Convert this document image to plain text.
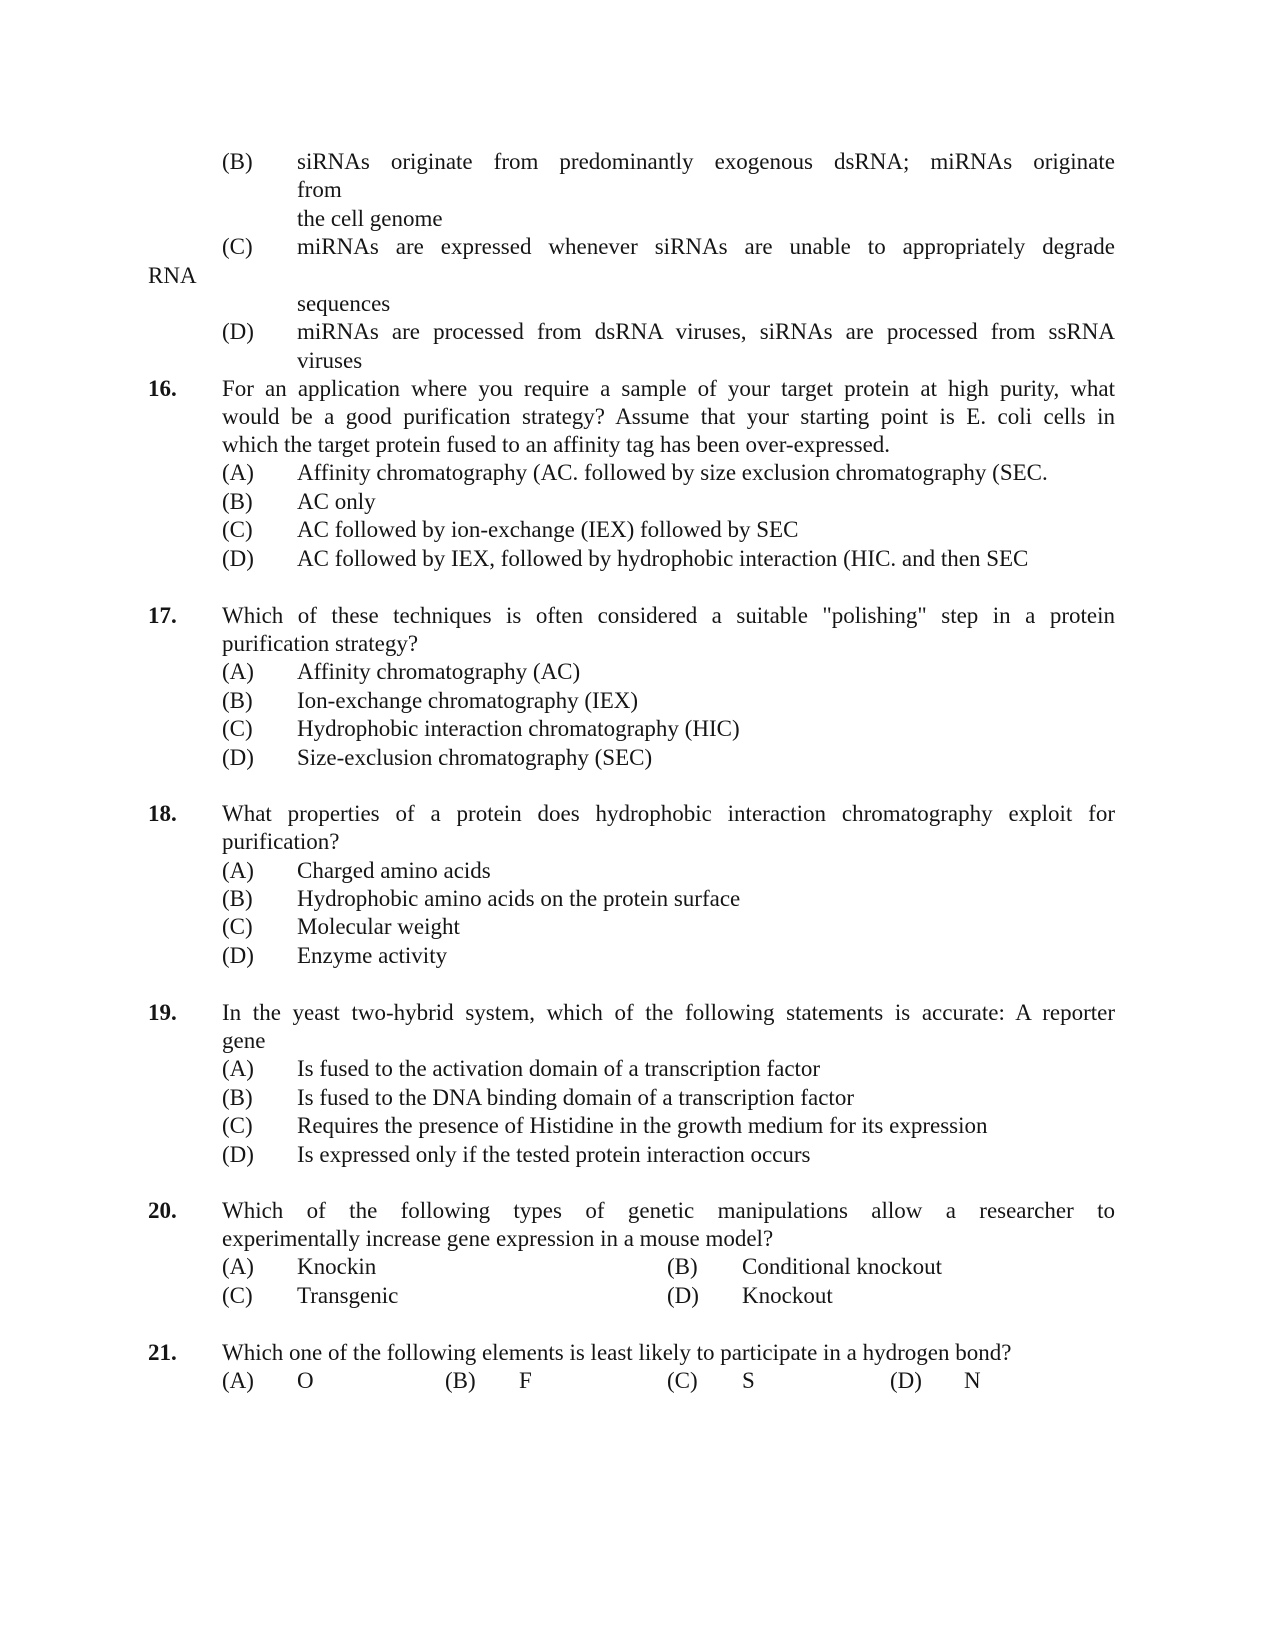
(B) siRNAs originate from predominantly exogenous dsRNA; miRNAs originate
from
the cell genome
(C) miRNAs are expressed whenever siRNAs are unable to appropriately degrade
RNA
sequences
(D) miRNAs are processed from dsRNA viruses, siRNAs are processed from ssRNA
viruses
16. For an application where you require a sample of your target protein at high purity, what
would be a good purification strategy? Assume that your starting point is E. coli cells in
which the target protein fused to an affinity tag has been over-expressed.
(A) Affinity chromatography (AC. followed by size exclusion chromatography (SEC.
(B) AC only
(C) AC followed by ion-exchange (IEX) followed by SEC
(D) AC followed by IEX, followed by hydrophobic interaction (HIC. and then SEC
17. Which of these techniques is often considered a suitable "polishing" step in a protein
purification strategy?
(A) Affinity chromatography (AC)
(B) Ion-exchange chromatography (IEX)
(C) Hydrophobic interaction chromatography (HIC)
(D) Size-exclusion chromatography (SEC)
18. What properties of a protein does hydrophobic interaction chromatography exploit for
purification?
(A) Charged amino acids
(B) Hydrophobic amino acids on the protein surface
(C) Molecular weight
(D) Enzyme activity
19. In the yeast two-hybrid system, which of the following statements is accurate: A reporter
gene
(A) Is fused to the activation domain of a transcription factor
(B) Is fused to the DNA binding domain of a transcription factor
(C) Requires the presence of Histidine in the growth medium for its expression
(D) Is expressed only if the tested protein interaction occurs
20. Which of the following types of genetic manipulations allow a researcher to
experimentally increase gene expression in a mouse model?
(A) Knockin	(B) Conditional knockout
(C) Transgenic	(D) Knockout
21. Which one of the following elements is least likely to participate in a hydrogen bond?
(A) O	(B) F	(C) S	(D) N
